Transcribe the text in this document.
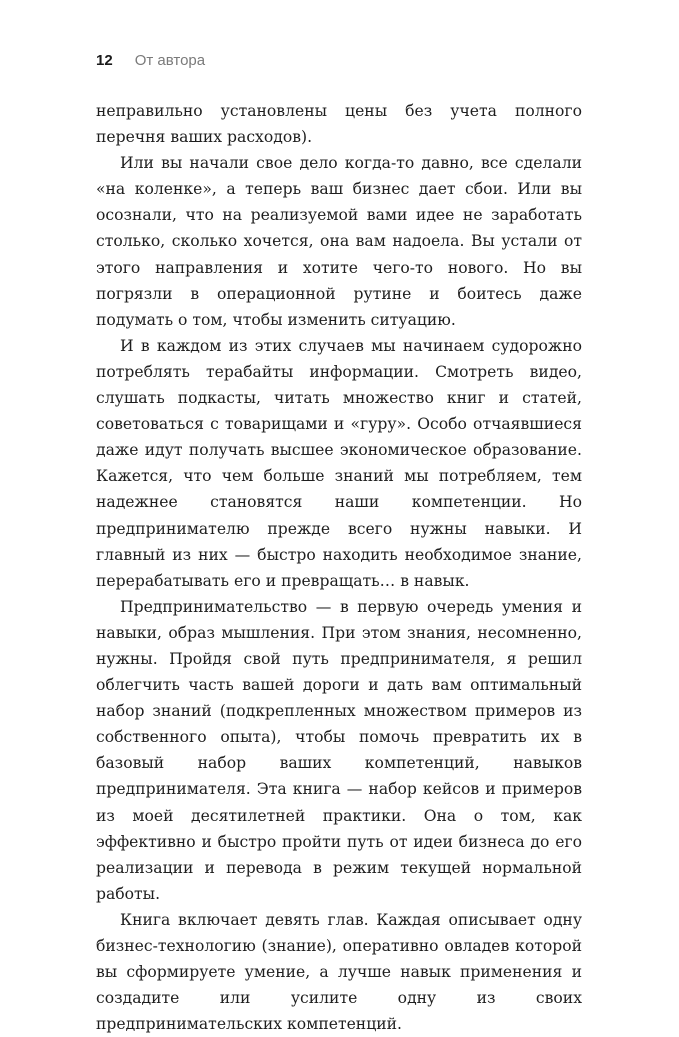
12 От автора

неправильно установлены цены без учета полного перечня ваших расходов).

Или вы начали свое дело когда-то давно, все сделали «на коленке», а теперь ваш бизнес дает сбои. Или вы осознали, что на реализуемой вами идее не заработать столько, сколько хочется, она вам надоела. Вы устали от этого направления и хотите чего-то нового. Но вы погрязли в операционной рутине и боитесь даже подумать о том, чтобы изменить ситуацию.

И в каждом из этих случаев мы начинаем судорожно потреблять терабайты информации. Смотреть видео, слушать подкасты, читать множество книг и статей, советоваться с товарищами и «гуру». Особо отчаявшиеся даже идут получать высшее экономическое образование. Кажется, что чем больше знаний мы потребляем, тем надежнее становятся наши компетенции. Но предпринимателю прежде всего нужны навыки. И главный из них — быстро находить необходимое знание, перерабатывать его и превращать… в навык.

Предпринимательство — в первую очередь умения и навыки, образ мышления. При этом знания, несомненно, нужны. Пройдя свой путь предпринимателя, я решил облегчить часть вашей дороги и дать вам оптимальный набор знаний (подкрепленных множеством примеров из собственного опыта), чтобы помочь превратить их в базовый набор ваших компетенций, навыков предпринимателя. Эта книга — набор кейсов и примеров из моей десятилетней практики. Она о том, как эффективно и быстро пройти путь от идеи бизнеса до его реализации и перевода в режим текущей нормальной работы.

Книга включает девять глав. Каждая описывает одну бизнес-технологию (знание), оперативно овладев которой вы сформируете умение, а лучше навык применения и создадите или усилите одну из своих предпринимательских компетенций.
